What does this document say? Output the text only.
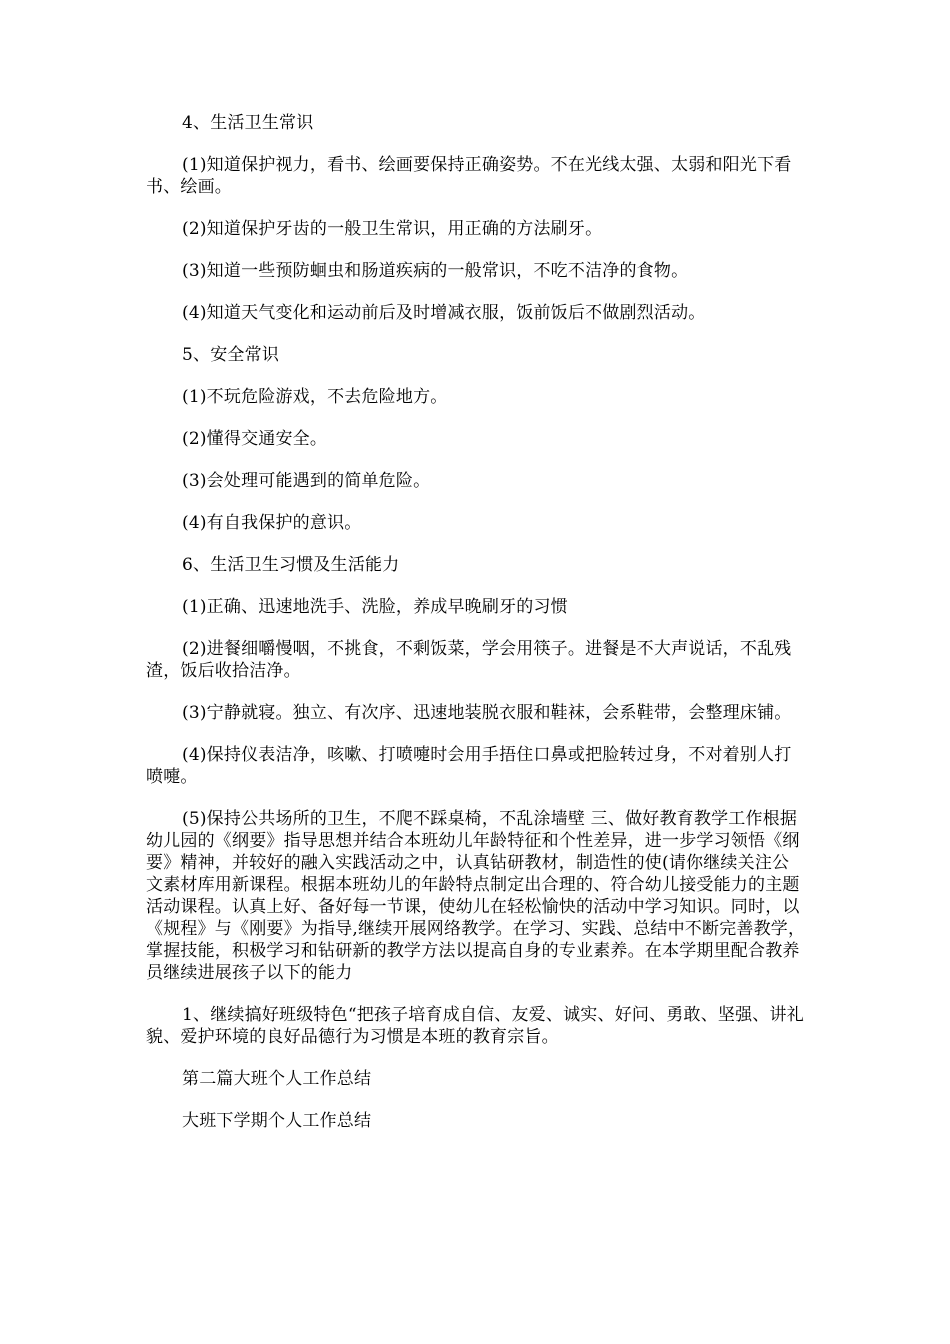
4、生活卫生常识

(1)知道保护视力，看书、绘画要保持正确姿势。不在光线太强、太弱和阳光下看书、绘画。

(2)知道保护牙齿的一般卫生常识，用正确的方法刷牙。

(3)知道一些预防蛔虫和肠道疾病的一般常识，不吃不洁净的食物。

(4)知道天气变化和运动前后及时增减衣服，饭前饭后不做剧烈活动。

5、安全常识

(1)不玩危险游戏，不去危险地方。

(2)懂得交通安全。

(3)会处理可能遇到的简单危险。

(4)有自我保护的意识。

6、生活卫生习惯及生活能力

(1)正确、迅速地洗手、洗脸，养成早晚刷牙的习惯

(2)进餐细嚼慢咽，不挑食，不剩饭菜，学会用筷子。进餐是不大声说话，不乱残渣，饭后收拾洁净。

(3)宁静就寝。独立、有次序、迅速地装脱衣服和鞋袜，会系鞋带，会整理床铺。

(4)保持仪表洁净，咳嗽、打喷嚏时会用手捂住口鼻或把脸转过身，不对着别人打喷嚏。

(5)保持公共场所的卫生，不爬不踩桌椅，不乱涂墙壁 三、做好教育教学工作根据幼儿园的《纲要》指导思想并结合本班幼儿年龄特征和个性差异，进一步学习领悟《纲要》精神，并较好的融入实践活动之中，认真钻研教材，制造性的使(请你继续关注公文素材库用新课程。根据本班幼儿的年龄特点制定出合理的、符合幼儿接受能力的主题活动课程。认真上好、备好每一节课，使幼儿在轻松愉快的活动中学习知识。同时，以《规程》与《刚要》为指导,继续开展网络教学。在学习、实践、总结中不断完善教学，掌握技能，积极学习和钻研新的教学方法以提高自身的专业素养。在本学期里配合教养员继续进展孩子以下的能力

1、继续搞好班级特色“把孩子培育成自信、友爱、诚实、好问、勇敢、坚强、讲礼貌、爱护环境的良好品德行为习惯是本班的教育宗旨。

第二篇大班个人工作总结

大班下学期个人工作总结
